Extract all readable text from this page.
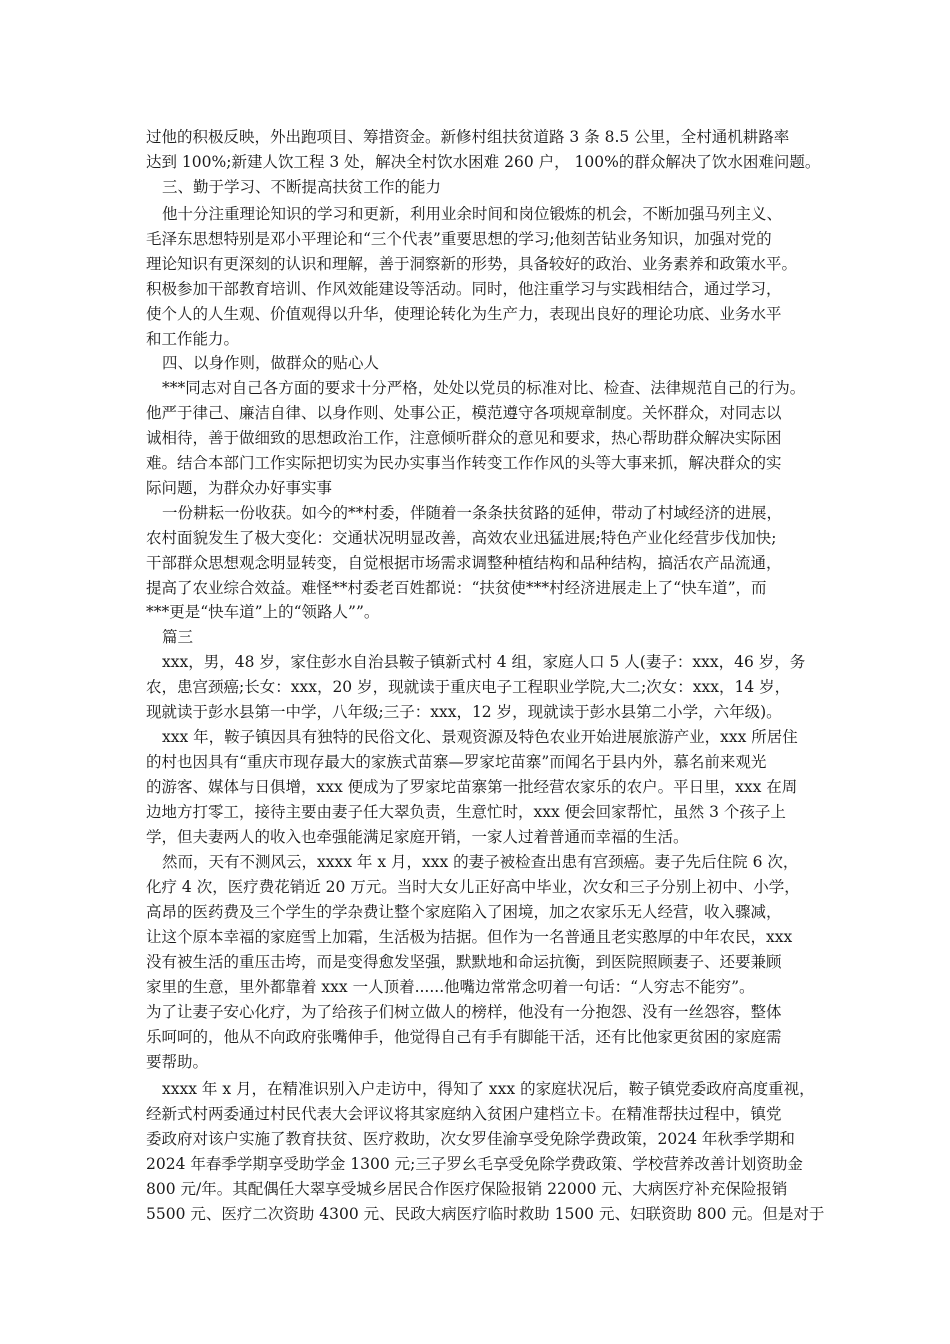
过他的积极反映，外出跑项目、筹措资金。新修村组扶贫道路 3 条 8.5 公里，全村通机耕路率

达到 100%;新建人饮工程 3 处，解决全村饮水困难 260 户， 100%的群众解决了饮水困难问题。

三、勤于学习、不断提高扶贫工作的能力

他十分注重理论知识的学习和更新，利用业余时间和岗位锻炼的机会，不断加强马列主义、

毛泽东思想特别是邓小平理论和“三个代表”重要思想的学习;他刻苦钻业务知识，加强对党的

理论知识有更深刻的认识和理解，善于洞察新的形势，具备较好的政治、业务素养和政策水平。

积极参加干部教育培训、作风效能建设等活动。同时，他注重学习与实践相结合，通过学习，

使个人的人生观、价值观得以升华，使理论转化为生产力，表现出良好的理论功底、业务水平

和工作能力。

四、以身作则，做群众的贴心人

***同志对自己各方面的要求十分严格，处处以党员的标准对比、检查、法律规范自己的行为。

他严于律己、廉洁自律、以身作则、处事公正，模范遵守各项规章制度。关怀群众，对同志以

诚相待，善于做细致的思想政治工作，注意倾听群众的意见和要求，热心帮助群众解决实际困

难。结合本部门工作实际把切实为民办实事当作转变工作作风的头等大事来抓，解决群众的实

际问题，为群众办好事实事

一份耕耘一份收获。如今的**村委，伴随着一条条扶贫路的延伸，带动了村域经济的进展，

农村面貌发生了极大变化：交通状况明显改善，高效农业迅猛进展;特色产业化经营步伐加快;

干部群众思想观念明显转变，自觉根据市场需求调整种植结构和品种结构，搞活农产品流通，

提高了农业综合效益。难怪**村委老百姓都说：“扶贫使***村经济进展走上了“快车道”，而

***更是“快车道”上的“领路人””。

篇三

xxx，男，48 岁，家住彭水自治县鞍子镇新式村 4 组，家庭人口 5 人(妻子：xxx，46 岁，务

农，患宫颈癌;长女：xxx，20 岁，现就读于重庆电子工程职业学院,大二;次女：xxx，14 岁，

现就读于彭水县第一中学，八年级;三子：xxx，12 岁，现就读于彭水县第二小学，六年级)。

xxx 年，鞍子镇因具有独特的民俗文化、景观资源及特色农业开始进展旅游产业，xxx 所居住

的村也因具有“重庆市现存最大的家族式苗寨—罗家坨苗寨”而闻名于县内外，慕名前来观光

的游客、媒体与日俱增，xxx 便成为了罗家坨苗寨第一批经营农家乐的农户。平日里，xxx 在周

边地方打零工，接待主要由妻子任大翠负责，生意忙时，xxx 便会回家帮忙，虽然 3 个孩子上

学，但夫妻两人的收入也牵强能满足家庭开销，一家人过着普通而幸福的生活。

然而，天有不测风云，xxxx 年 x 月，xxx 的妻子被检查出患有宫颈癌。妻子先后住院 6 次，

化疗 4 次，医疗费花销近 20 万元。当时大女儿正好高中毕业，次女和三子分别上初中、小学，

高昂的医药费及三个学生的学杂费让整个家庭陷入了困境，加之农家乐无人经营，收入骤减，

让这个原本幸福的家庭雪上加霜，生活极为拮据。但作为一名普通且老实憨厚的中年农民，xxx

没有被生活的重压击垮，而是变得愈发坚强，默默地和命运抗衡，到医院照顾妻子、还要兼顾

家里的生意，里外都靠着 xxx 一人顶着......他嘴边常常念叨着一句话：“人穷志不能穷”。

为了让妻子安心化疗，为了给孩子们树立做人的榜样，他没有一分抱怨、没有一丝怨容，整体

乐呵呵的，他从不向政府张嘴伸手，他觉得自己有手有脚能干活，还有比他家更贫困的家庭需

要帮助。

xxxx 年 x 月，在精准识别入户走访中，得知了 xxx 的家庭状况后，鞍子镇党委政府高度重视，

经新式村两委通过村民代表大会评议将其家庭纳入贫困户建档立卡。在精准帮扶过程中，镇党

委政府对该户实施了教育扶贫、医疗救助，次女罗佳渝享受免除学费政策，2024 年秋季学期和

2024 年春季学期享受助学金 1300 元;三子罗幺毛享受免除学费政策、学校营养改善计划资助金

800 元/年。其配偶任大翠享受城乡居民合作医疗保险报销 22000 元、大病医疗补充保险报销

5500 元、医疗二次资助 4300 元、民政大病医疗临时救助 1500 元、妇联资助 800 元。但是对于
